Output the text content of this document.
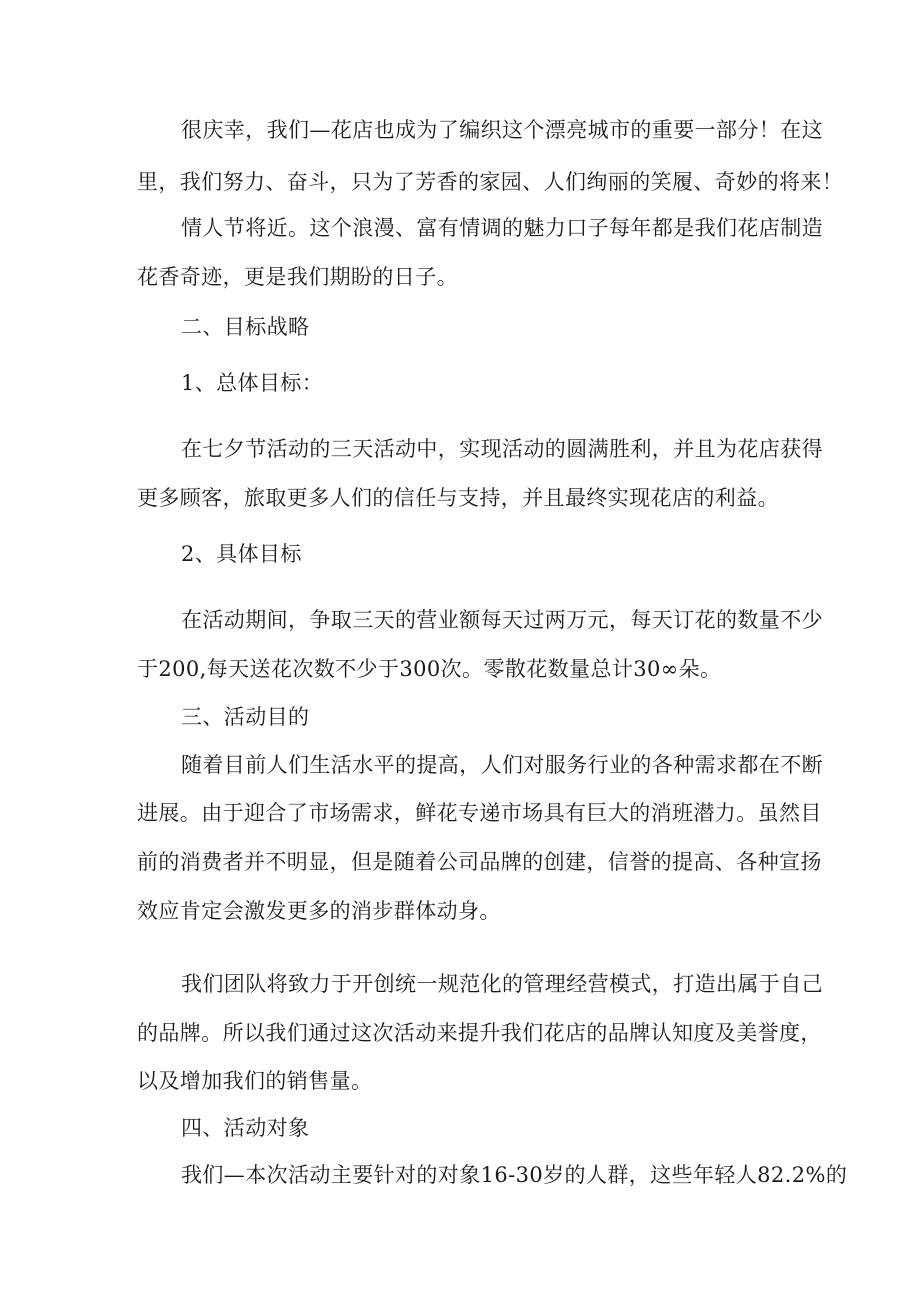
很庆幸，我们—花店也成为了编织这个漂亮城市的重要一部分！在这
里，我们努力、奋斗，只为了芳香的家园、人们绚丽的笑履、奇妙的将来！
情人节将近。这个浪漫、富有情调的魅力口子每年都是我们花店制造
花香奇迹，更是我们期盼的日子。
二、目标战略
1、总体目标：
在七夕节活动的三天活动中，实现活动的圆满胜利，并且为花店获得
更多顾客，旅取更多人们的信任与支持，并且最终实现花店的利益。
2、具体目标
在活动期间，争取三天的营业额每天过两万元，每天订花的数量不少
于200,每天送花次数不少于300次。零散花数量总计30∞朵。
三、活动目的
随着目前人们生活水平的提高，人们对服务行业的各种需求都在不断
进展。由于迎合了市场需求，鲜花专递市场具有巨大的消班潜力。虽然目
前的消费者并不明显，但是随着公司品牌的创建，信誉的提高、各种宣扬
效应肯定会激发更多的消步群体动身。
我们团队将致力于开创统一规范化的管理经营模式，打造出属于自己
的品牌。所以我们通过这次活动来提升我们花店的品牌认知度及美誉度，
以及增加我们的销售量。
四、活动对象
我们—本次活动主要针对的对象16-30岁的人群，这些年轻人82.2%的
